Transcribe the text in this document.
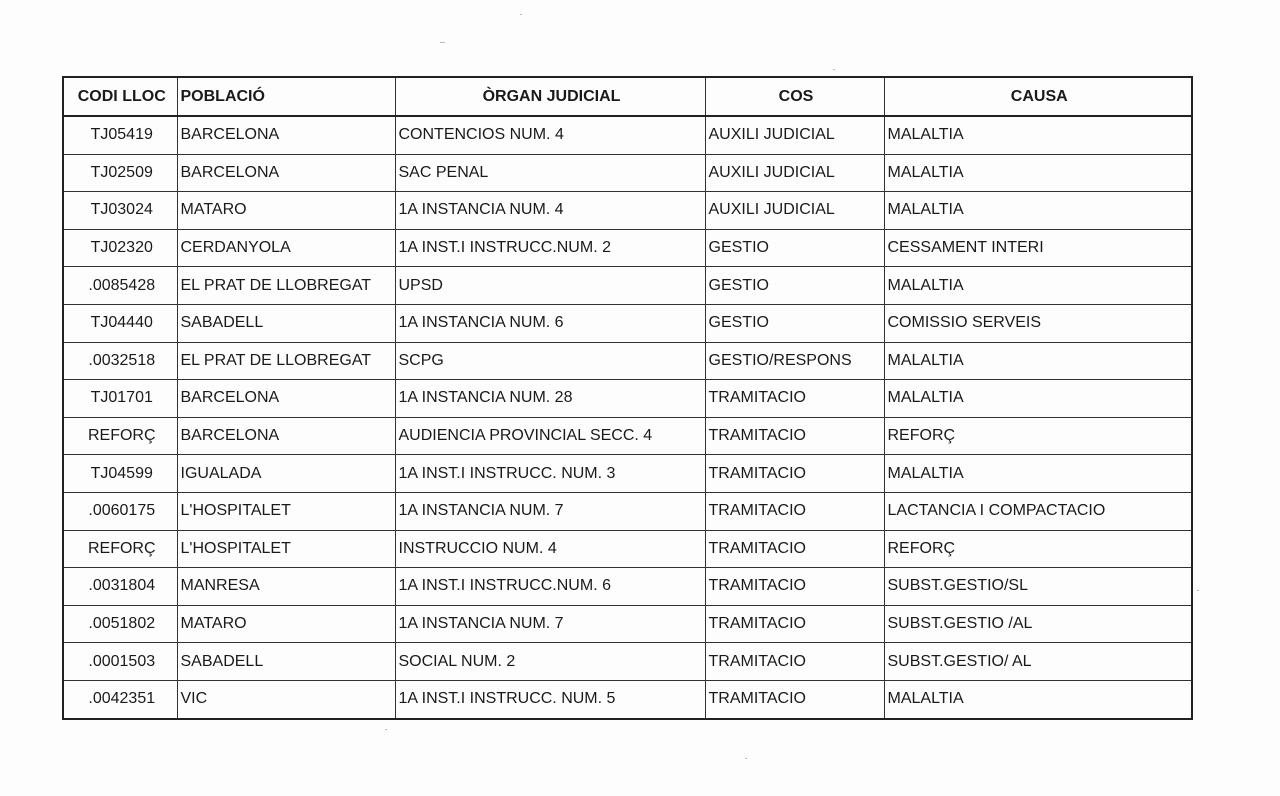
CODI LLOC	POBLACIÓ	ÒRGAN JUDICIAL	COS	CAUSA
TJ05419	BARCELONA	CONTENCIOS NUM. 4	AUXILI JUDICIAL	MALALTIA
TJ02509	BARCELONA	SAC PENAL	AUXILI JUDICIAL	MALALTIA
TJ03024	MATARO	1A INSTANCIA NUM. 4	AUXILI JUDICIAL	MALALTIA
TJ02320	CERDANYOLA	1A INST.I INSTRUCC.NUM. 2	GESTIO	CESSAMENT INTERI
.0085428	EL PRAT DE LLOBREGAT	UPSD	GESTIO	MALALTIA
TJ04440	SABADELL	1A INSTANCIA NUM. 6	GESTIO	COMISSIO SERVEIS
.0032518	EL PRAT DE LLOBREGAT	SCPG	GESTIO/RESPONS	MALALTIA
TJ01701	BARCELONA	1A INSTANCIA NUM. 28	TRAMITACIO	MALALTIA
REFORÇ	BARCELONA	AUDIENCIA PROVINCIAL SECC. 4	TRAMITACIO	REFORÇ
TJ04599	IGUALADA	1A INST.I INSTRUCC. NUM. 3	TRAMITACIO	MALALTIA
.0060175	L'HOSPITALET	1A INSTANCIA NUM. 7	TRAMITACIO	LACTANCIA I COMPACTACIO
REFORÇ	L'HOSPITALET	INSTRUCCIO NUM. 4	TRAMITACIO	REFORÇ
.0031804	MANRESA	1A INST.I INSTRUCC.NUM. 6	TRAMITACIO	SUBST.GESTIO/SL
.0051802	MATARO	1A INSTANCIA NUM. 7	TRAMITACIO	SUBST.GESTIO /AL
.0001503	SABADELL	SOCIAL NUM. 2	TRAMITACIO	SUBST.GESTIO/ AL
.0042351	VIC	1A INST.I INSTRUCC. NUM. 5	TRAMITACIO	MALALTIA
